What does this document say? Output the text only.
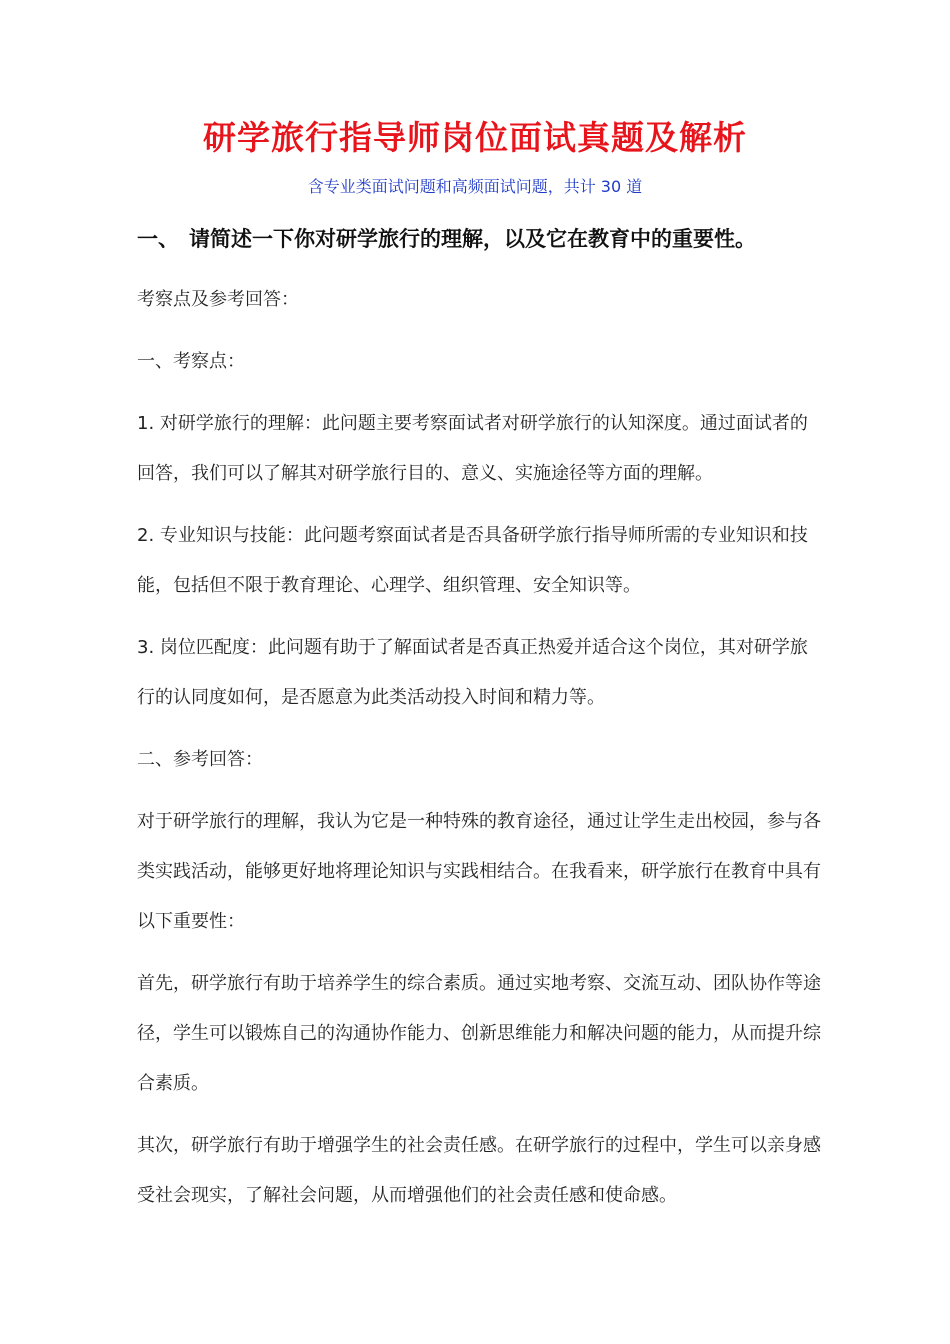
研学旅行指导师岗位面试真题及解析
含专业类面试问题和高频面试问题，共计 30 道
一、 请简述一下你对研学旅行的理解，以及它在教育中的重要性。
考察点及参考回答：
一、考察点：
1. 对研学旅行的理解：此问题主要考察面试者对研学旅行的认知深度。通过面试者的回答，我们可以了解其对研学旅行目的、意义、实施途径等方面的理解。
2. 专业知识与技能：此问题考察面试者是否具备研学旅行指导师所需的专业知识和技能，包括但不限于教育理论、心理学、组织管理、安全知识等。
3. 岗位匹配度：此问题有助于了解面试者是否真正热爱并适合这个岗位，其对研学旅行的认同度如何，是否愿意为此类活动投入时间和精力等。
二、参考回答：
对于研学旅行的理解，我认为它是一种特殊的教育途径，通过让学生走出校园，参与各类实践活动，能够更好地将理论知识与实践相结合。在我看来，研学旅行在教育中具有以下重要性：
首先，研学旅行有助于培养学生的综合素质。通过实地考察、交流互动、团队协作等途径，学生可以锻炼自己的沟通协作能力、创新思维能力和解决问题的能力，从而提升综合素质。
其次，研学旅行有助于增强学生的社会责任感。在研学旅行的过程中，学生可以亲身感受社会现实，了解社会问题，从而增强他们的社会责任感和使命感。
